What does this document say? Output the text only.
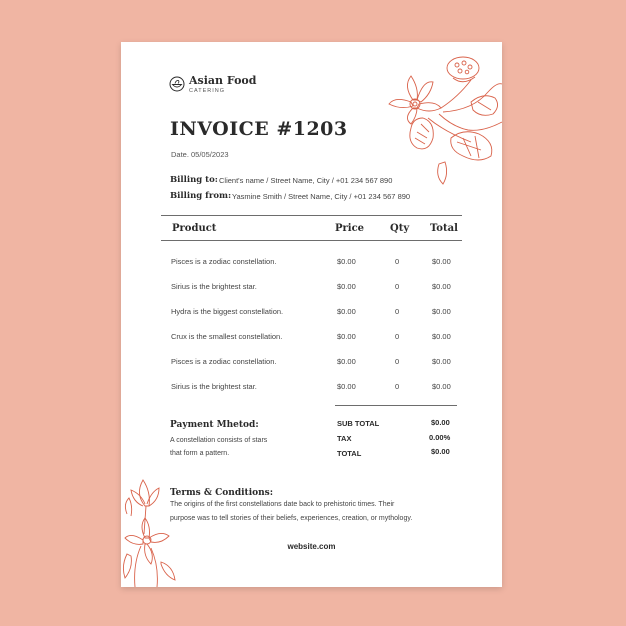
Asian Food
CATERING
INVOICE #1203
Date. 05/05/2023
Billing to: Client's name / Street Name, City / +01 234 567 890
Billing from: Yasmine Smith / Street Name, City / +01 234 567 890
Product	Price	Qty Total
Pisces is a zodiac constellation.	$0.00	0	$0.00
Sirius is the brightest star.	$0.00	0	$0.00
Hydra is the biggest constellation.	$0.00	0	$0.00
Crux is the smallest constellation.	$0.00	0	$0.00
Pisces is a zodiac constellation.	$0.00	0	$0.00
Sirius is the brightest star.	$0.00	0	$0.00
SUB TOTAL	$0.00
TAX	0.00%
TOTAL	$0.00
Payment Mhetod:
A constellation consists of stars
that form a pattern.
Terms & Conditions:
The origins of the first constellations date back to prehistoric times. Their
purpose was to tell stories of their beliefs, experiences, creation, or mythology.
website.com
